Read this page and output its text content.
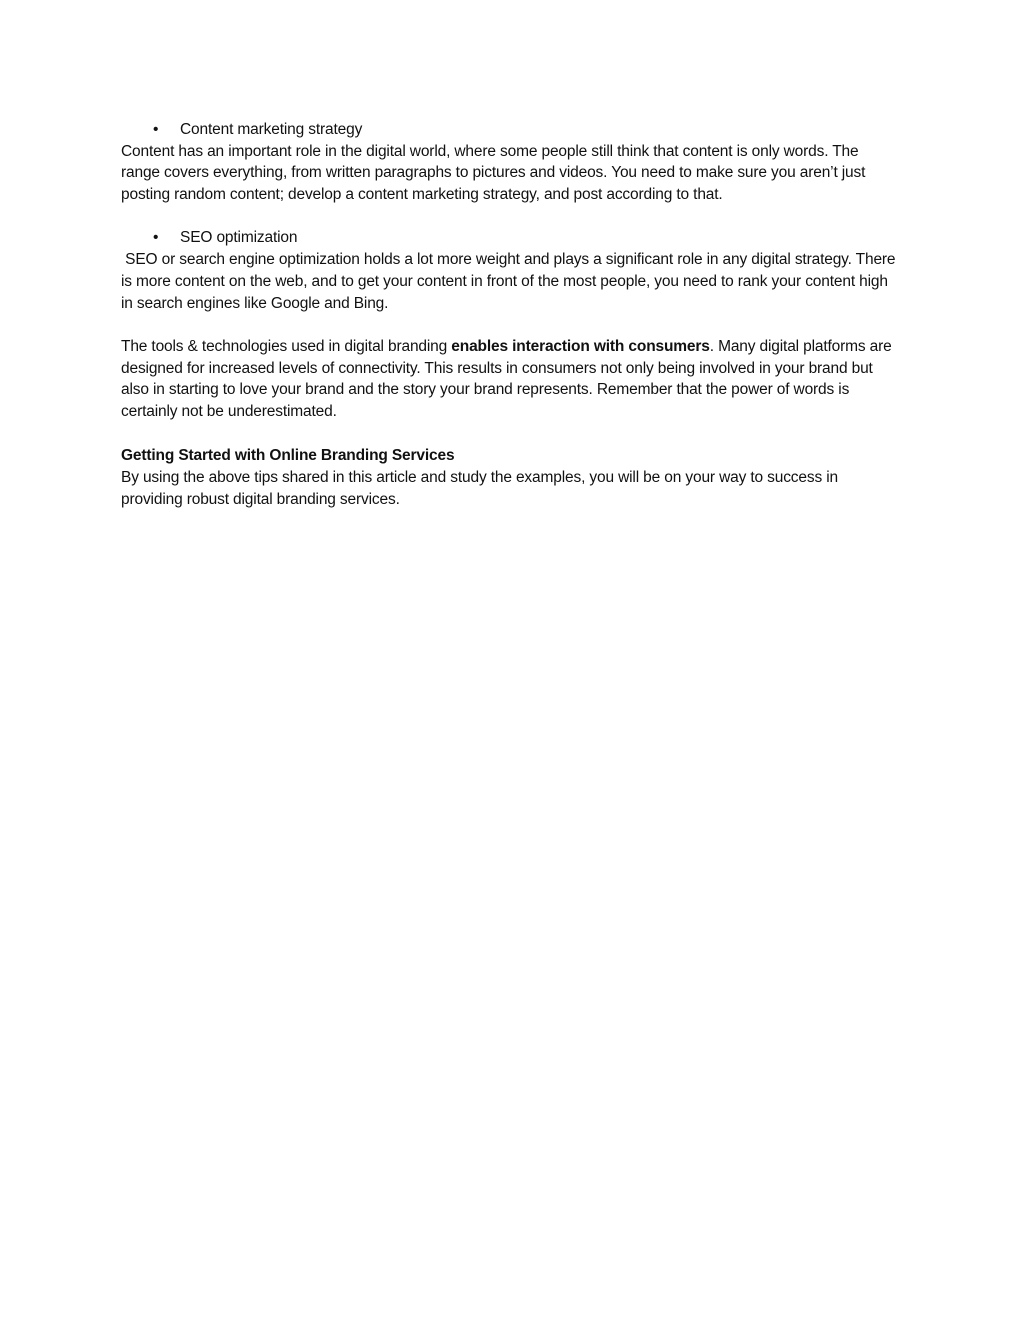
• Content marketing strategy

Content has an important role in the digital world, where some people still think that content is only words. The range covers everything, from written paragraphs to pictures and videos. You need to make sure you aren’t just posting random content; develop a content marketing strategy, and post according to that.

• SEO optimization

SEO or search engine optimization holds a lot more weight and plays a significant role in any digital strategy. There is more content on the web, and to get your content in front of the most people, you need to rank your content high in search engines like Google and Bing.

The tools & technologies used in digital branding enables interaction with consumers. Many digital platforms are designed for increased levels of connectivity. This results in consumers not only being involved in your brand but also in starting to love your brand and the story your brand represents. Remember that the power of words is certainly not be underestimated.

Getting Started with Online Branding Services

By using the above tips shared in this article and study the examples, you will be on your way to success in providing robust digital branding services.
